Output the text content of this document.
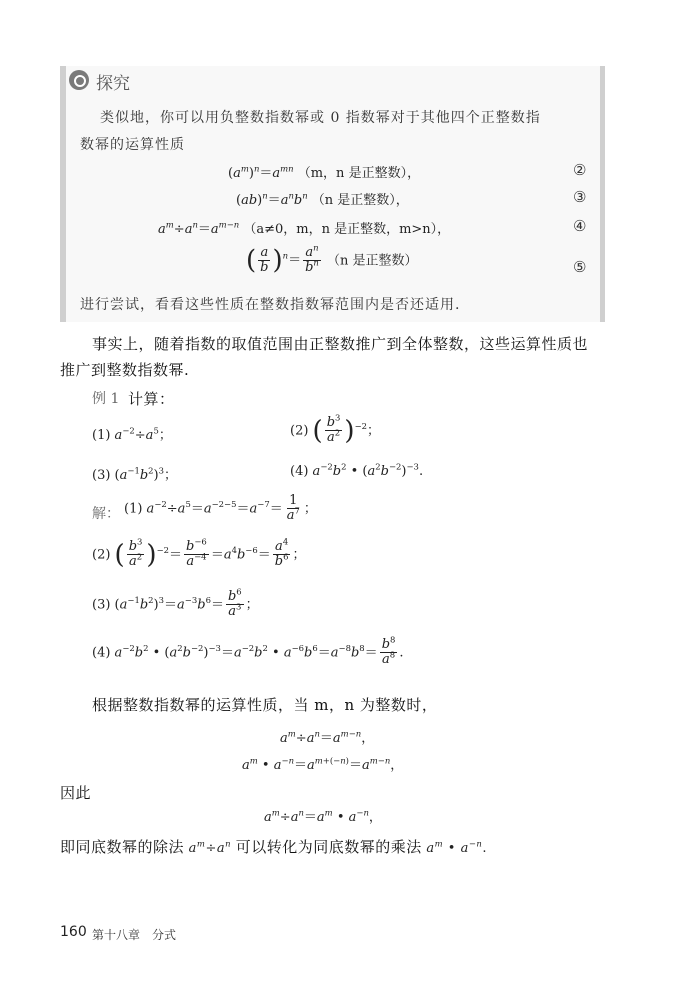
探究
类似地，你可以用负整数指数幂或 0 指数幂对于其他四个正整数指
数幂的运算性质
$(a^m)^n=a^{mn}$ （m，n 是正整数），	②
$(ab)^n=a^nb^n$ （n 是正整数），	③
$a^m\div a^n=a^{m-n}$ （a≠0，m，n 是正整数，m>n），	④
( $\frac{a}{b} )^n= \frac{a^n}{b^n} (n$ 是正整数）	⑤
进行尝试，看看这些性质在整数指数幂范围内是否还适用.
事实上，随着指数的取值范围由正整数推广到全体整数，这些运算性质也
推广到整数指数幂.
例 1 计算：
(1) $a^{-2}\div a^5$；	(2) ( $\frac{b^3}{a^2} )^{-2}$；
(3) $(a^{-1}b^2)^3$；	(4) $a^{-2}b^2$ • $(a^2b^{-2})^{-3}$.
解： (1) $a^{-2}\div a^5=a^{-2-5}=a^{-7}= \frac{1}{a^7}$ ；
(2) ( $\frac{b^3}{a^2} )^{-2}= \frac{b^{-6}}{a^{-4}} =a^4b^{-6}= \frac{a^4}{b^6}$ ；
(3) $(a^{-1}b^2)^3=a^{-3}b^6= \frac{b^6}{a^3}$ ；
(4) $a^{-2}b^2$ • $(a^2b^{-2})^{-3}=a^{-2}b^2$ • $a^{-6}b^6=a^{-8}b^8= \frac{b^8}{a^8}$ .
根据整数指数幂的运算性质，当 m，n 为整数时，
$a^m\div a^n=a^{m-n}$，
$a^m$ • $a^{-n}=a^{m+(-n)}=a^{m-n}$，
因此
$a^m\div a^n=a^m$ • $a^{-n}$，
即同底数幂的除法 $a^m\div a^n$ 可以转化为同底数幂的乘法 $a^m$ • $a^{-n}$.
160 第十八章　分式
